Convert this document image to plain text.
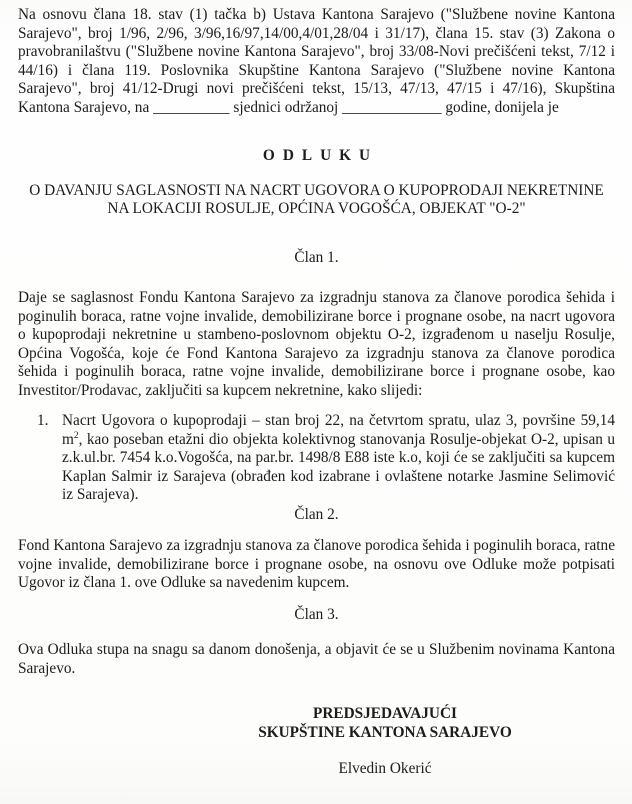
Na osnovu člana 18. stav (1) tačka b) Ustava Kantona Sarajevo ("Službene novine Kantona Sarajevo", broj 1/96, 2/96, 3/96,16/97,14/00,4/01,28/04 i 31/17), člana 15. stav (3) Zakona o pravobranilaštvu ("Službene novine Kantona Sarajevo", broj 33/08-Novi prečišćeni tekst, 7/12 i 44/16) i člana 119. Poslovnika Skupštine Kantona Sarajevo ("Službene novine Kantona Sarajevo", broj 41/12-Drugi novi prečišćeni tekst, 15/13, 47/13, 47/15 i 47/16), Skupština Kantona Sarajevo, na __________ sjednici održanoj _____________ godine, donijela je

ODLUKU
O DAVANJU SAGLASNOSTI NA NACRT UGOVORA O KUPOPRODAJI NEKRETNINE
NA LOKACIJI ROSULJE, OPĆINA VOGOŠĆA, OBJEKAT "O-2"
Član 1.

Daje se saglasnost Fondu Kantona Sarajevo za izgradnju stanova za članove porodica šehida i poginulih boraca, ratne vojne invalide, demobilizirane borce i prognane osobe, na nacrt ugovora o kupoprodaji nekretnine u stambeno-poslovnom objektu O-2, izgrađenom u naselju Rosulje, Općina Vogošća, koje će Fond Kantona Sarajevo za izgradnju stanova za članove porodica šehida i poginulih boraca, ratne vojne invalide, demobilizirane borce i prognane osobe, kao Investitor/Prodavac, zaključiti sa kupcem nekretnine, kako slijedi:

1. Nacrt Ugovora o kupoprodaji – stan broj 22, na četvrtom spratu, ulaz 3, površine 59,14 $m^2$, kao poseban etažni dio objekta kolektivnog stanovanja Rosulje-objekat O-2, upisan u z.k.ul.br. 7454 k.o.Vogošća, na par.br. 1498/8 E88 iste k.o, koji će se zaključiti sa kupcem Kaplan Salmir iz Sarajeva (obrađen kod izabrane i ovlaštene notarke Jasmine Selimović iz Sarajeva).
Član 2.

Fond Kantona Sarajevo za izgradnju stanova za članove porodica šehida i poginulih boraca, ratne vojne invalide, demobilizirane borce i prognane osobe, na osnovu ove Odluke može potpisati Ugovor iz člana 1. ove Odluke sa navedenim kupcem.

Član 3.

Ova Odluka stupa na snagu sa danom donošenja, a objavit će se u Službenim novinama Kantona Sarajevo.

PREDSJEDAVAJUĆI
SKUPŠTINE KANTONA SARAJEVO
Elvedin Okerić
